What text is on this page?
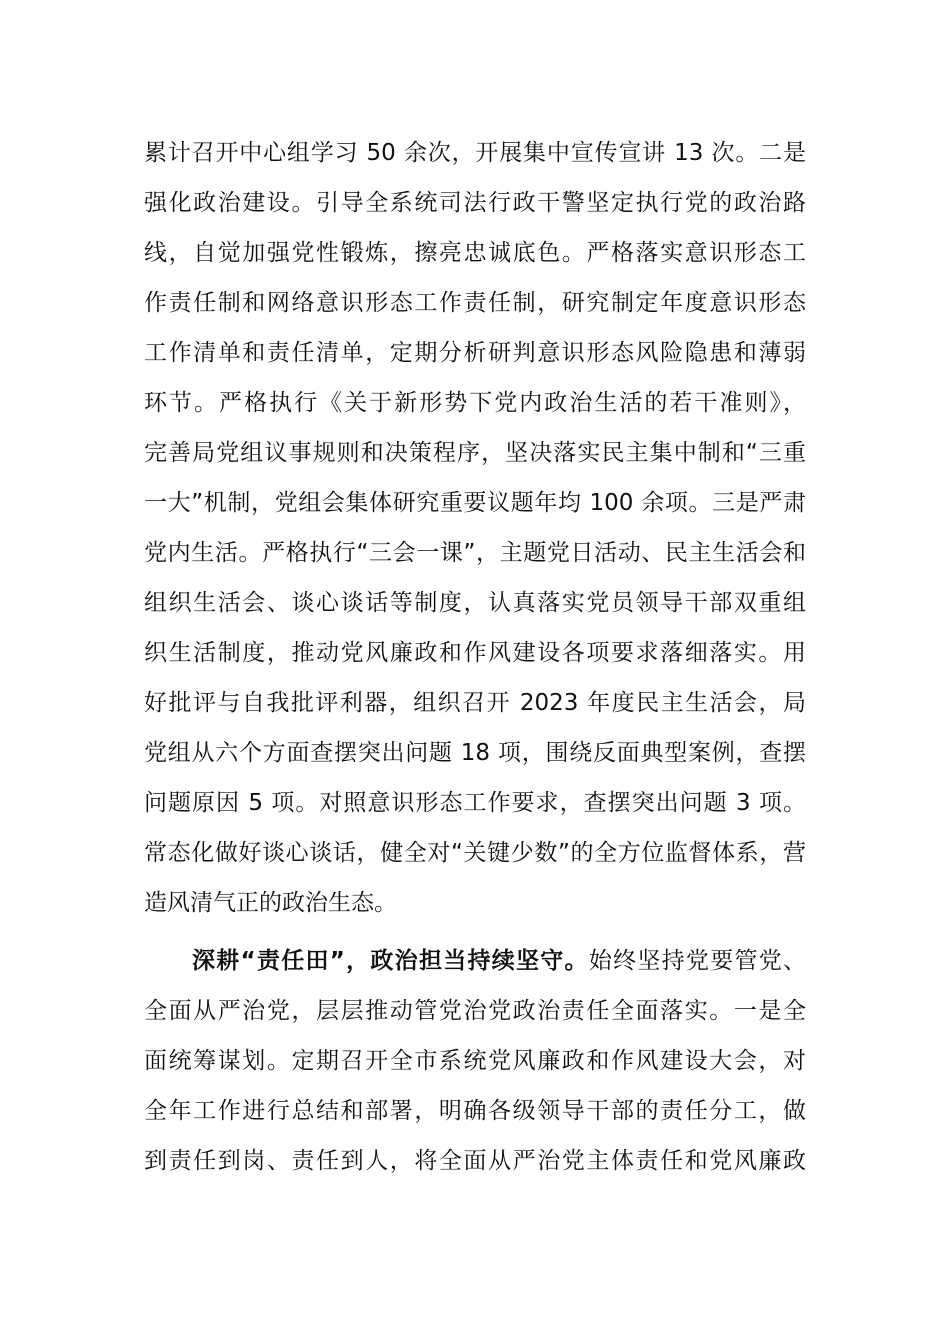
累计召开中心组学习 50 余次，开展集中宣传宣讲 13 次。二是
强化政治建设。引导全系统司法行政干警坚定执行党的政治路
线，自觉加强党性锻炼，擦亮忠诚底色。严格落实意识形态工
作责任制和网络意识形态工作责任制，研究制定年度意识形态
工作清单和责任清单，定期分析研判意识形态风险隐患和薄弱
环节。严格执行《关于新形势下党内政治生活的若干准则》，
完善局党组议事规则和决策程序，坚决落实民主集中制和“三重
一大”机制，党组会集体研究重要议题年均 100 余项。三是严肃
党内生活。严格执行“三会一课”，主题党日活动、民主生活会和
组织生活会、谈心谈话等制度，认真落实党员领导干部双重组
织生活制度，推动党风廉政和作风建设各项要求落细落实。用
好批评与自我批评利器，组织召开 2023 年度民主生活会，局
党组从六个方面查摆突出问题 18 项，围绕反面典型案例，查摆
问题原因 5 项。对照意识形态工作要求，查摆突出问题 3 项。
常态化做好谈心谈话，健全对“关键少数”的全方位监督体系，营
造风清气正的政治生态。
深耕“责任田”，政治担当持续坚守。始终坚持党要管党、
全面从严治党，层层推动管党治党政治责任全面落实。一是全
面统筹谋划。定期召开全市系统党风廉政和作风建设大会，对
全年工作进行总结和部署，明确各级领导干部的责任分工，做
到责任到岗、责任到人，将全面从严治党主体责任和党风廉政
